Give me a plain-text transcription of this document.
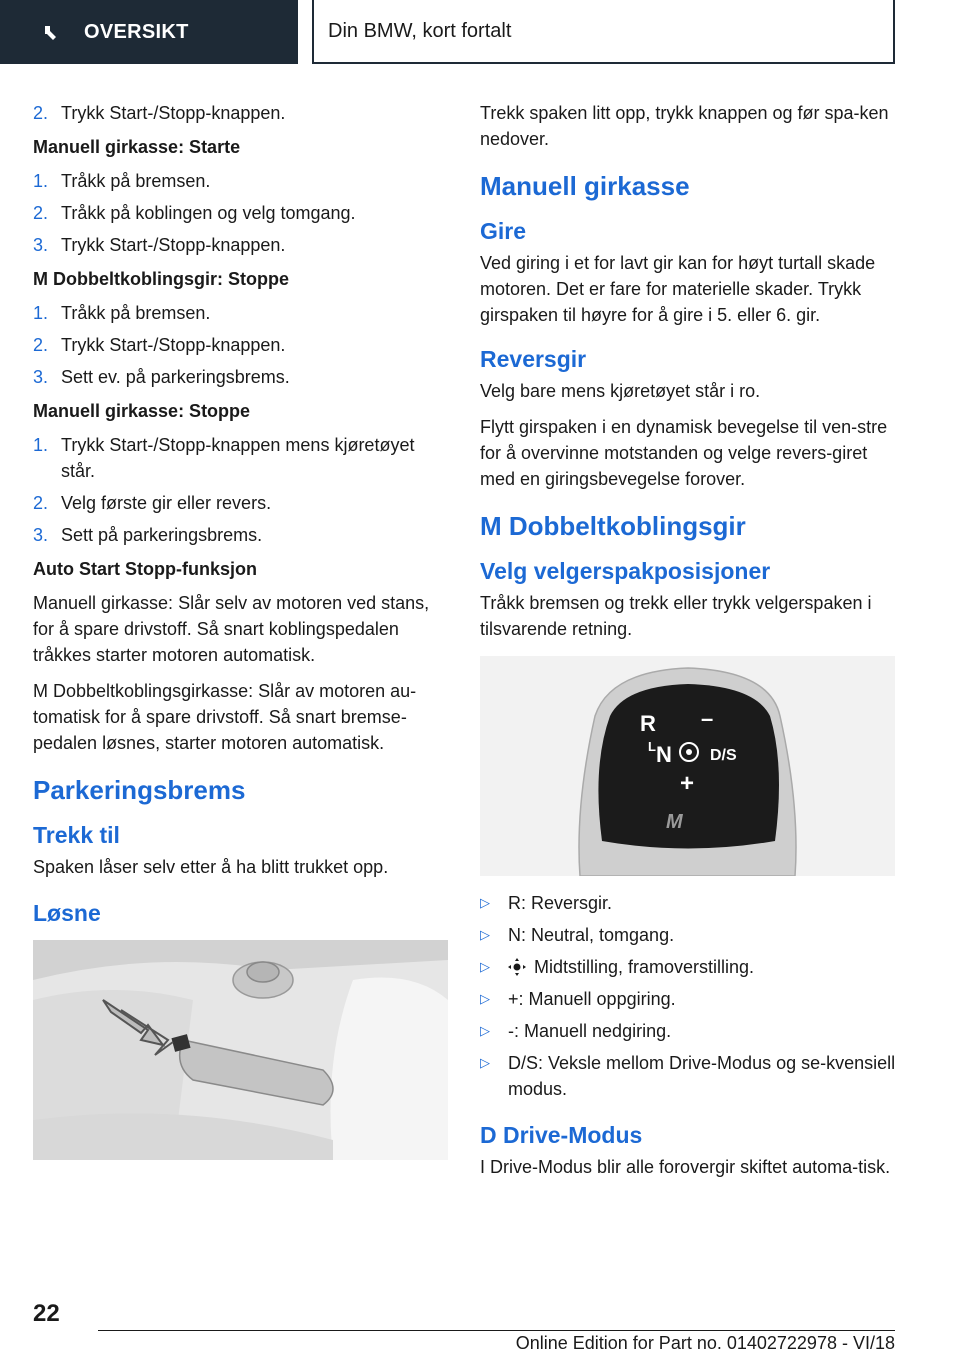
OVERSIKT	Din BMW, kort fortalt
2. Trykk Start-/Stopp-knappen.
Manuell girkasse: Starte
1. Tråkk på bremsen.
2. Tråkk på koblingen og velg tomgang.
3. Trykk Start-/Stopp-knappen.
M Dobbeltkoblingsgir: Stoppe
1. Tråkk på bremsen.
2. Trykk Start-/Stopp-knappen.
3. Sett ev. på parkeringsbrems.
Manuell girkasse: Stoppe
1. Trykk Start-/Stopp-knappen mens kjøretøyet står.
2. Velg første gir eller revers.
3. Sett på parkeringsbrems.
Auto Start Stopp-funksjon

Manuell girkasse: Slår selv av motoren ved stans, for å spare drivstoff. Så snart koblingspedalen tråkkes starter motoren automatisk.

M Dobbeltkoblingsgirkasse: Slår av motoren au-tomatisk for å spare drivstoff. Så snart bremse-pedalen løsnes, starter motoren automatisk.

Parkeringsbrems
Trekk til

Spaken låser selv etter å ha blitt trukket opp.

Løsne

Trekk spaken litt opp, trykk knappen og før spa-ken nedover.

Manuell girkasse
Gire

Ved giring i et for lavt gir kan for høyt turtall skade motoren. Det er fare for materielle skader. Trykk girspaken til høyre for å gire i 5. eller 6. gir.

Reversgir

Velg bare mens kjøretøyet står i ro.

Flytt girspaken i en dynamisk bevegelse til ven-stre for å overvinne motstanden og velge revers-giret med en giringsbevegelse forover.

M Dobbeltkoblingsgir
Velg velgerspakposisjoner

Tråkk bremsen og trekk eller trykk velgerspaken i tilsvarende retning.

R –
L N D/S
+
M
▷	R: Reversgir.
▷	N: Neutral, tomgang.
▷	Midtstilling, framoverstilling.
▷	+: Manuell oppgiring.
▷	-: Manuell nedgiring.
▷	D/S: Veksle mellom Drive-Modus og se-kvensiell modus.
D Drive-Modus

I Drive-Modus blir alle forovergir skiftet automa-tisk.

22
Online Edition for Part no. 01402722978 - VI/18
